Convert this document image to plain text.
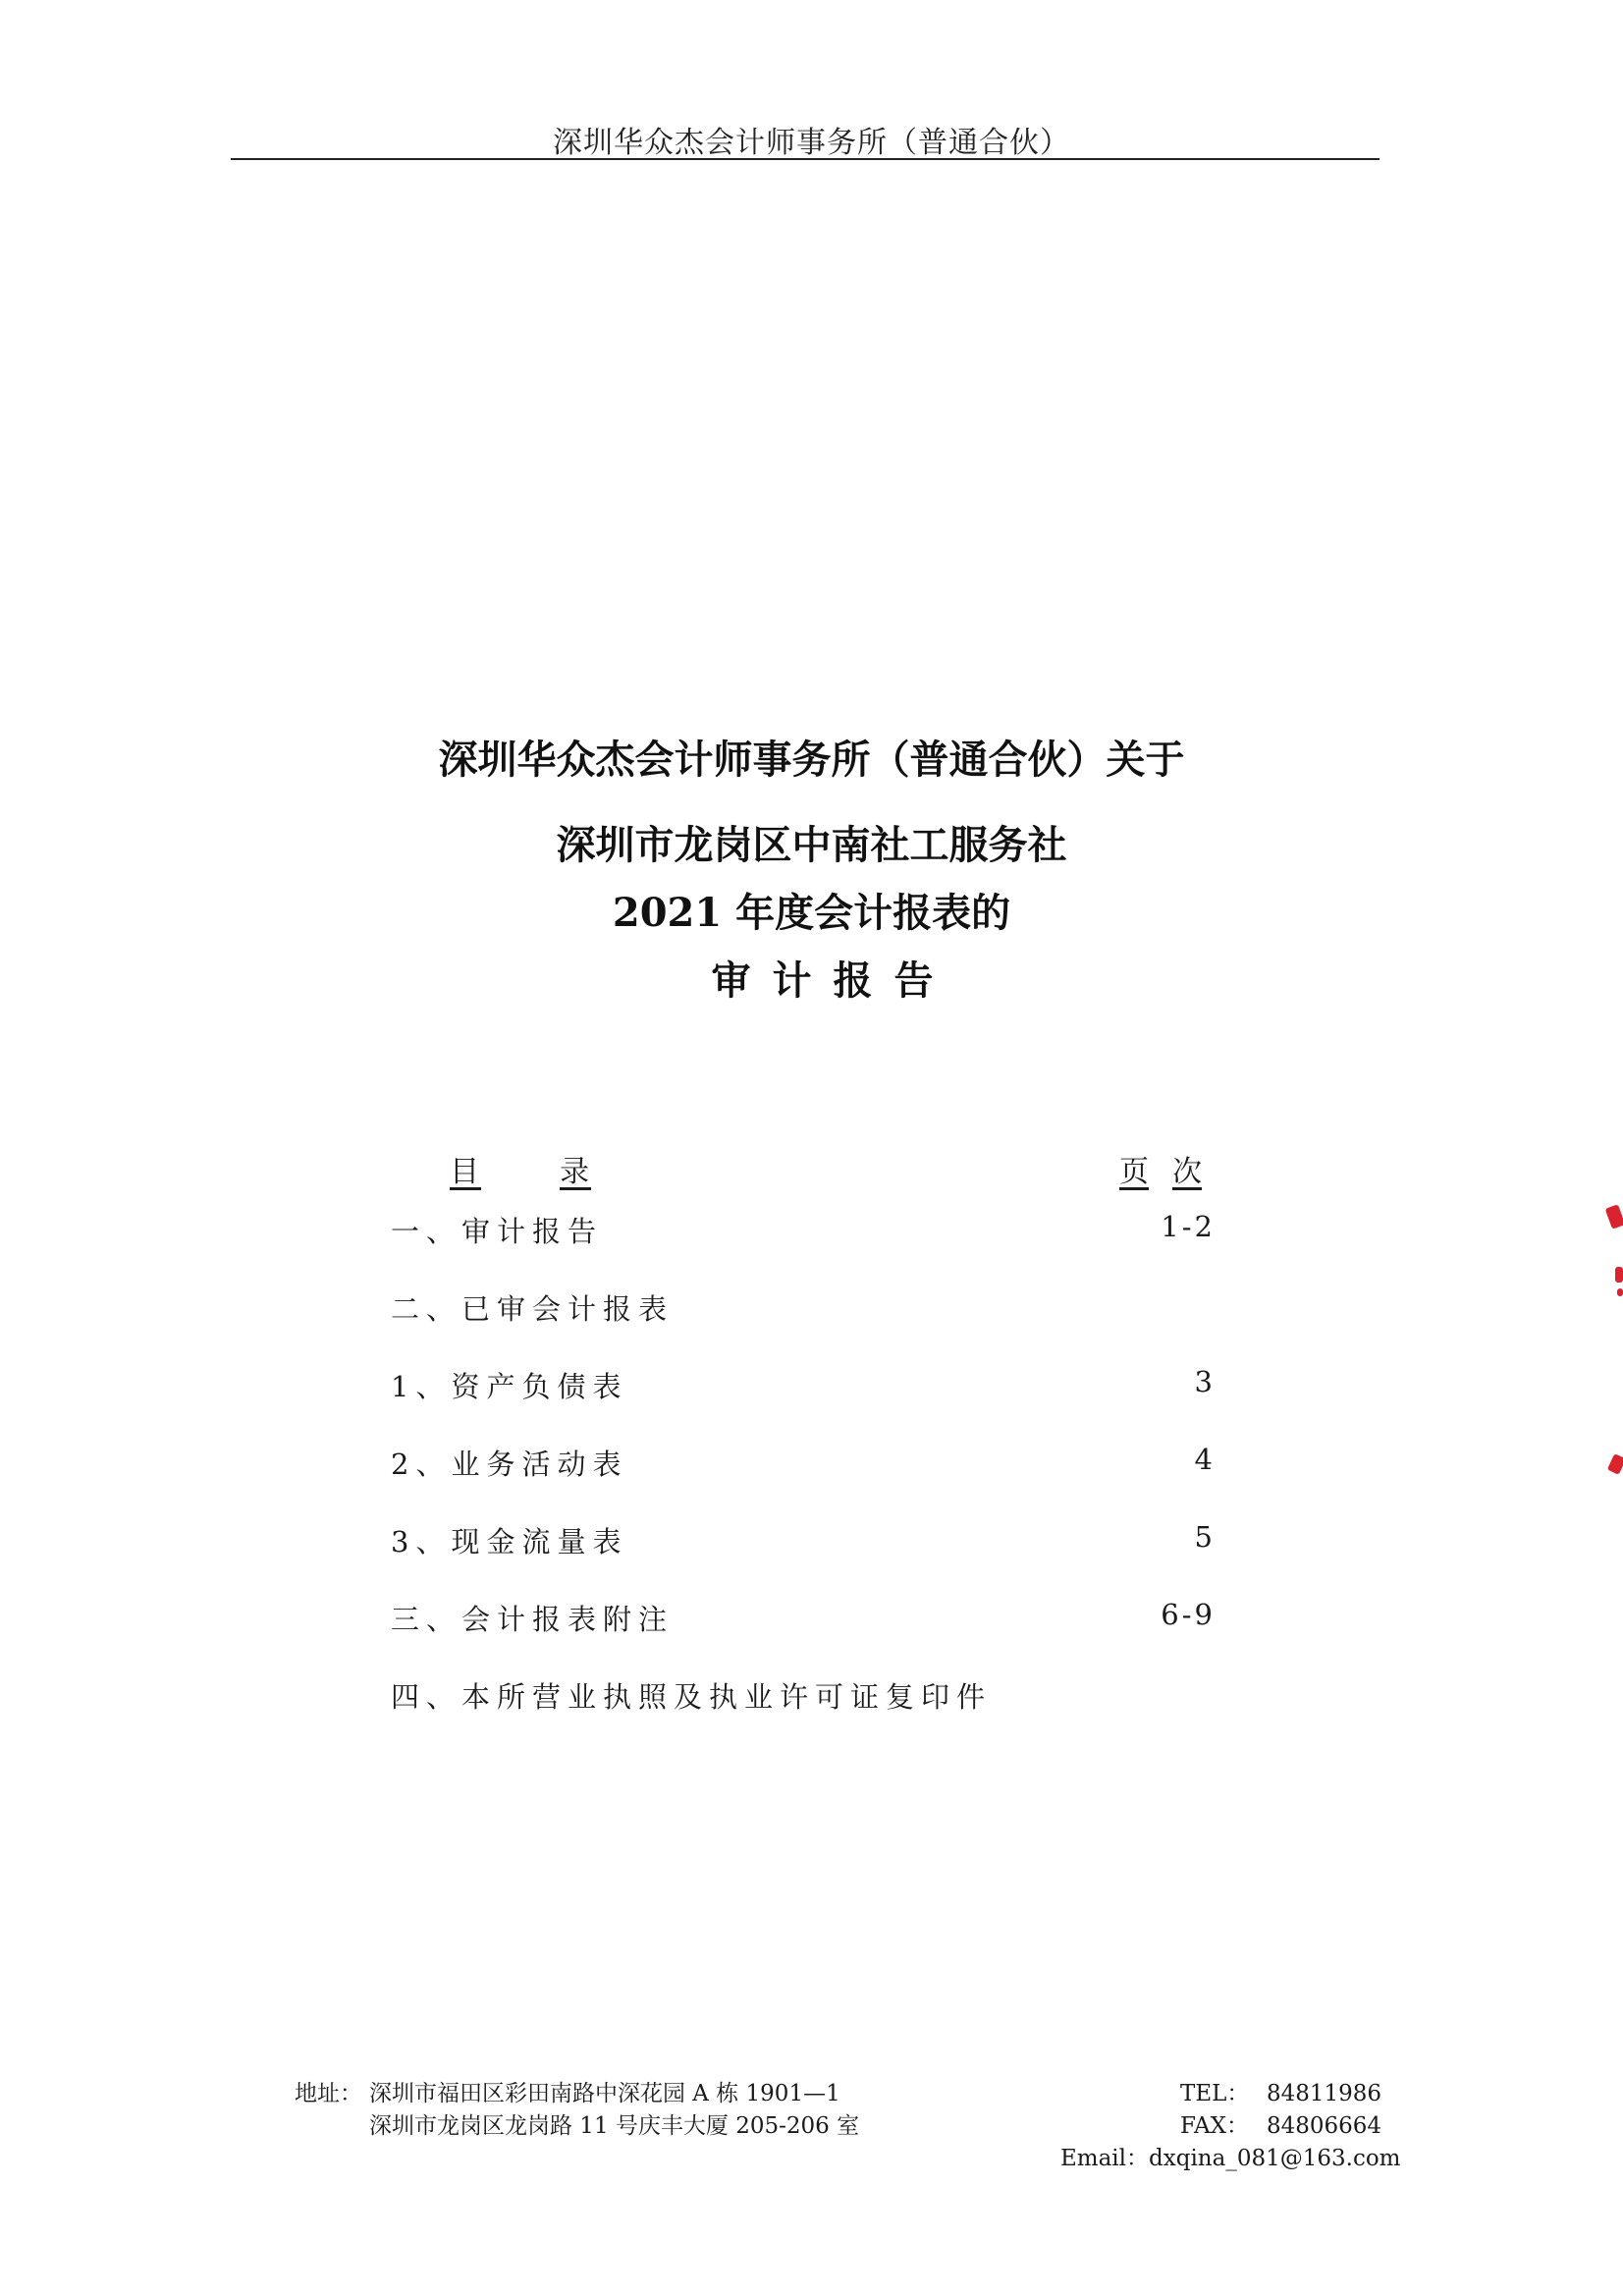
深圳华众杰会计师事务所（普通合伙）
深圳华众杰会计师事务所（普通合伙）关于
深圳市龙岗区中南社工服务社
2021 年度会计报表的
审计报告
目	录	页 次
一、审计报告	1-2
二、已审会计报表
1、资产负债表	3
2、业务活动表	4
3、现金流量表	5
三、会计报表附注	6-9
四、本所营业执照及执业许可证复印件
地址： 深圳市福田区彩田南路中深花园 A 栋 1901—1
深圳市龙岗区龙岗路 11 号庆丰大厦 205-206 室
TEL： 84811986
FAX： 84806664
Email：dxqina_081@163.com
